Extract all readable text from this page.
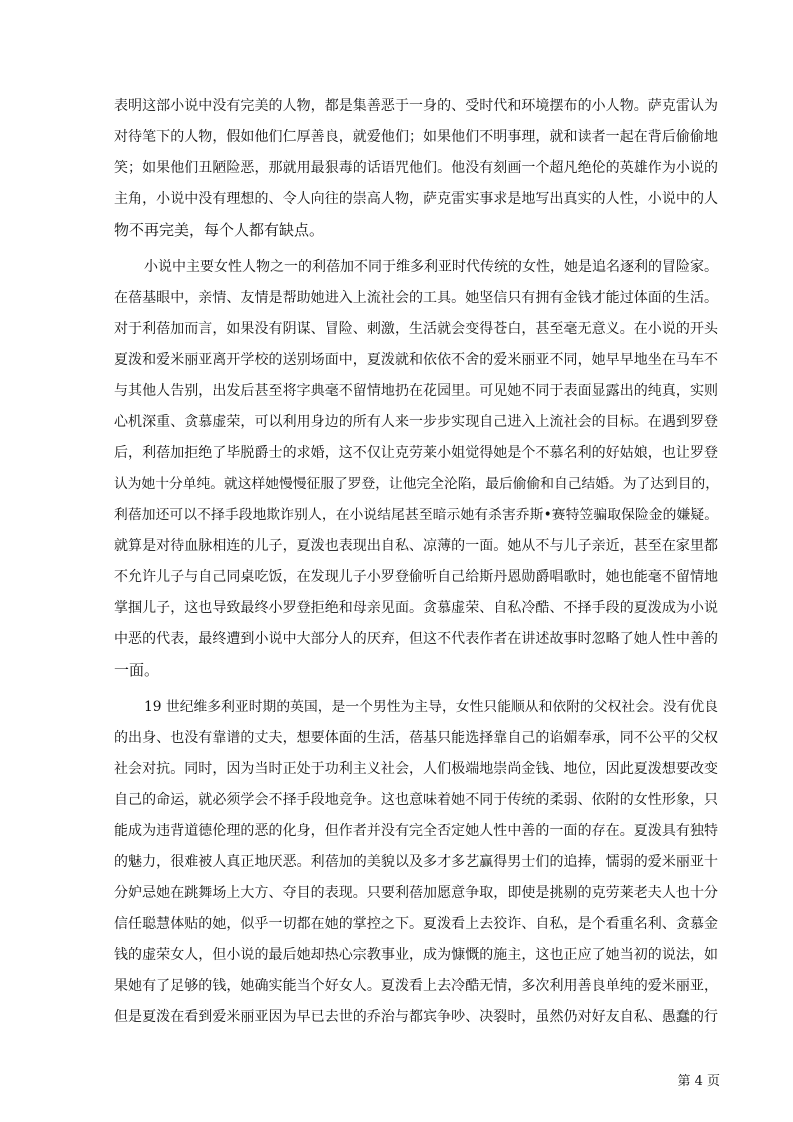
表明这部小说中没有完美的人物，都是集善恶于一身的、受时代和环境摆布的小人物。萨克雷认为
对待笔下的人物，假如他们仁厚善良，就爱他们；如果他们不明事理，就和读者一起在背后偷偷地
笑；如果他们丑陋险恶，那就用最狠毒的话语咒他们。他没有刻画一个超凡绝伦的英雄作为小说的
主角，小说中没有理想的、令人向往的崇高人物，萨克雷实事求是地写出真实的人性，小说中的人
物不再完美，每个人都有缺点。
小说中主要女性人物之一的利蓓加不同于维多利亚时代传统的女性，她是追名逐利的冒险家。
在蓓基眼中，亲情、友情是帮助她进入上流社会的工具。她坚信只有拥有金钱才能过体面的生活。
对于利蓓加而言，如果没有阴谋、冒险、刺激，生活就会变得苍白，甚至毫无意义。在小说的开头
夏泼和爱米丽亚离开学校的送别场面中，夏泼就和依依不舍的爱米丽亚不同，她早早地坐在马车不
与其他人告别，出发后甚至将字典毫不留情地扔在花园里。可见她不同于表面显露出的纯真，实则
心机深重、贪慕虚荣，可以利用身边的所有人来一步步实现自己进入上流社会的目标。在遇到罗登
后，利蓓加拒绝了毕脱爵士的求婚，这不仅让克劳莱小姐觉得她是个不慕名利的好姑娘，也让罗登
认为她十分单纯。就这样她慢慢征服了罗登，让他完全沦陷，最后偷偷和自己结婚。为了达到目的，
利蓓加还可以不择手段地欺诈别人，在小说结尾甚至暗示她有杀害乔斯•赛特笠骗取保险金的嫌疑。
就算是对待血脉相连的儿子，夏泼也表现出自私、凉薄的一面。她从不与儿子亲近，甚至在家里都
不允许儿子与自己同桌吃饭，在发现儿子小罗登偷听自己给斯丹恩勋爵唱歌时，她也能毫不留情地
掌掴儿子，这也导致最终小罗登拒绝和母亲见面。贪慕虚荣、自私冷酷、不择手段的夏泼成为小说
中恶的代表，最终遭到小说中大部分人的厌弃，但这不代表作者在讲述故事时忽略了她人性中善的
一面。
19 世纪维多利亚时期的英国，是一个男性为主导，女性只能顺从和依附的父权社会。没有优良
的出身、也没有靠谱的丈夫，想要体面的生活，蓓基只能选择靠自己的谄媚奉承，同不公平的父权
社会对抗。同时，因为当时正处于功利主义社会，人们极端地崇尚金钱、地位，因此夏泼想要改变
自己的命运，就必须学会不择手段地竞争。这也意味着她不同于传统的柔弱、依附的女性形象，只
能成为违背道德伦理的恶的化身，但作者并没有完全否定她人性中善的一面的存在。夏泼具有独特
的魅力，很难被人真正地厌恶。利蓓加的美貌以及多才多艺赢得男士们的追捧，懦弱的爱米丽亚十
分妒忌她在跳舞场上大方、夺目的表现。只要利蓓加愿意争取，即使是挑剔的克劳莱老夫人也十分
信任聪慧体贴的她，似乎一切都在她的掌控之下。夏泼看上去狡诈、自私，是个看重名利、贪慕金
钱的虚荣女人，但小说的最后她却热心宗教事业，成为慷慨的施主，这也正应了她当初的说法，如
果她有了足够的钱，她确实能当个好女人。夏泼看上去冷酷无情，多次利用善良单纯的爱米丽亚，
但是夏泼在看到爱米丽亚因为早已去世的乔治与都宾争吵、决裂时，虽然仍对好友自私、愚蠢的行
第 4 页
